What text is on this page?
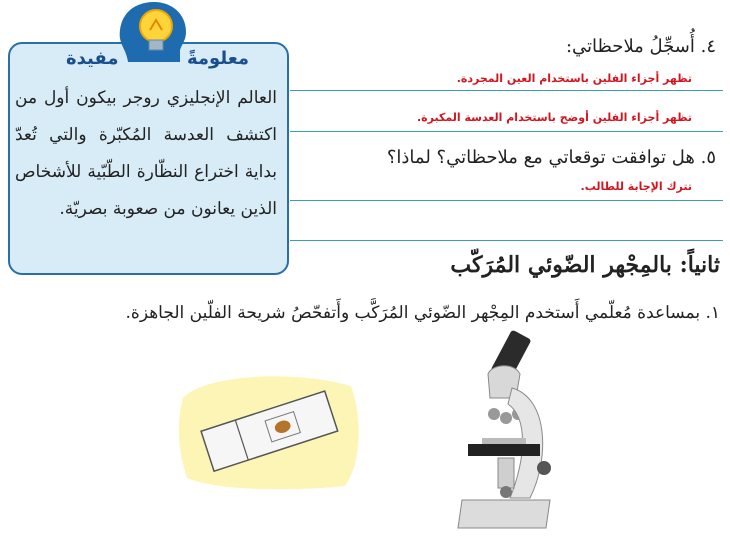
مفيدة	معلومةً
العالم الإنجليزي روجر بيكون أول من اكتشف العدسة المُكبّرة والتي تُعدّ بداية اختراع النظّارة الطّبّية للأشخاص الذين يعانون من صعوبة بصريّة.
٤. أُسجِّلُ ملاحظاتي:
تظهر أجزاء الفلين باستخدام العين المجردة.
تظهر أجزاء الفلين أوضح باستخدام العدسة المكبرة.
٥. هل توافقت توقعاتي مع ملاحظاتي؟ لماذا؟
تترك الإجابة للطالب.
ثانياً: بالمِجْهر الضّوئي المُرَكّب
١. بمساعدة مُعلّمي أَستخدم المِجْهر الضّوئي المُرَكَّب وأَتفحّصُ شريحة الفلّين الجاهزة.
